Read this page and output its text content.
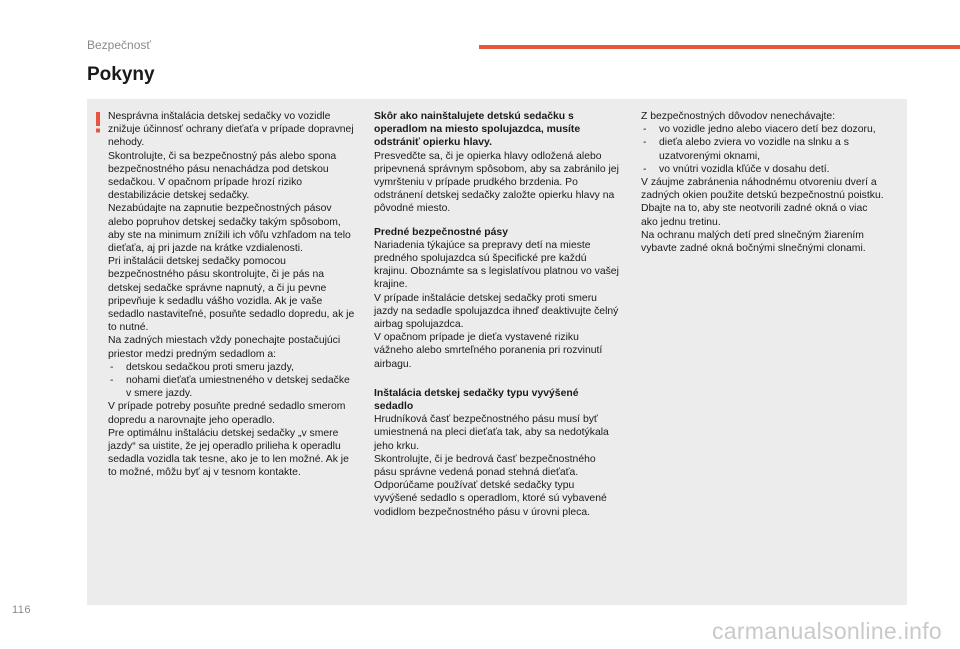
Bezpečnosť
Pokyny

Nesprávna inštalácia detskej sedačky vo vozidle znižuje účinnosť ochrany dieťaťa v prípade dopravnej nehody.

Skontrolujte, či sa bezpečnostný pás alebo spona bezpečnostného pásu nenachádza pod detskou sedačkou. V opačnom prípade hrozí riziko destabilizácie detskej sedačky.

Nezabúdajte na zapnutie bezpečnostných pásov alebo popruhov detskej sedačky takým spôsobom, aby ste na minimum znížili ich vôľu vzhľadom na telo dieťaťa, aj pri jazde na krátke vzdialenosti.

Pri inštalácii detskej sedačky pomocou bezpečnostného pásu skontrolujte, či je pás na detskej sedačke správne napnutý, a či ju pevne pripevňuje k sedadlu vášho vozidla. Ak je vaše sedadlo nastaviteľné, posuňte sedadlo dopredu, ak je to nutné.

Na zadných miestach vždy ponechajte postačujúci priestor medzi predným sedadlom a:

- detskou sedačkou proti smeru jazdy,
- nohami dieťaťa umiestneného v detskej sedačke v smere jazdy.

V prípade potreby posuňte predné sedadlo smerom dopredu a narovnajte jeho operadlo.

Pre optimálnu inštaláciu detskej sedačky „v smere jazdy“ sa uistite, že jej operadlo prilieha k operadlu sedadla vozidla tak tesne, ako je to len možné. Ak je to možné, môžu byť aj v tesnom kontakte.

Skôr ako nainštalujete detskú sedačku s operadlom na miesto spolujazdca, musíte odstrániť opierku hlavy.

Presvedčte sa, či je opierka hlavy odložená alebo pripevnená správnym spôsobom, aby sa zabránilo jej vymršteniu v prípade prudkého brzdenia. Po odstránení detskej sedačky založte opierku hlavy na pôvodné miesto.

Predné bezpečnostné pásy

Nariadenia týkajúce sa prepravy detí na mieste predného spolujazdca sú špecifické pre každú krajinu. Oboznámte sa s legislatívou platnou vo vašej krajine.

V prípade inštalácie detskej sedačky proti smeru jazdy na sedadle spolujazdca ihneď deaktivujte čelný airbag spolujazdca.

V opačnom prípade je dieťa vystavené riziku vážneho alebo smrteľného poranenia pri rozvinutí airbagu.

Inštalácia detskej sedačky typu vyvýšené sedadlo

Hrudníková časť bezpečnostného pásu musí byť umiestnená na pleci dieťaťa tak, aby sa nedotýkala jeho krku.

Skontrolujte, či je bedrová časť bezpečnostného pásu správne vedená ponad stehná dieťaťa.

Odporúčame používať detské sedačky typu vyvýšené sedadlo s operadlom, ktoré sú vybavené vodidlom bezpečnostného pásu v úrovni pleca.

Z bezpečnostných dôvodov nenechávajte:

- vo vozidle jedno alebo viacero detí bez dozoru,
- dieťa alebo zviera vo vozidle na slnku a s uzatvorenými oknami,
- vo vnútri vozidla kľúče v dosahu detí.

V záujme zabránenia náhodnému otvoreniu dverí a zadných okien použite detskú bezpečnostnú poistku.

Dbajte na to, aby ste neotvorili zadné okná o viac ako jednu tretinu.

Na ochranu malých detí pred slnečným žiarením vybavte zadné okná bočnými slnečnými clonami.

116
carmanualsonline.info
